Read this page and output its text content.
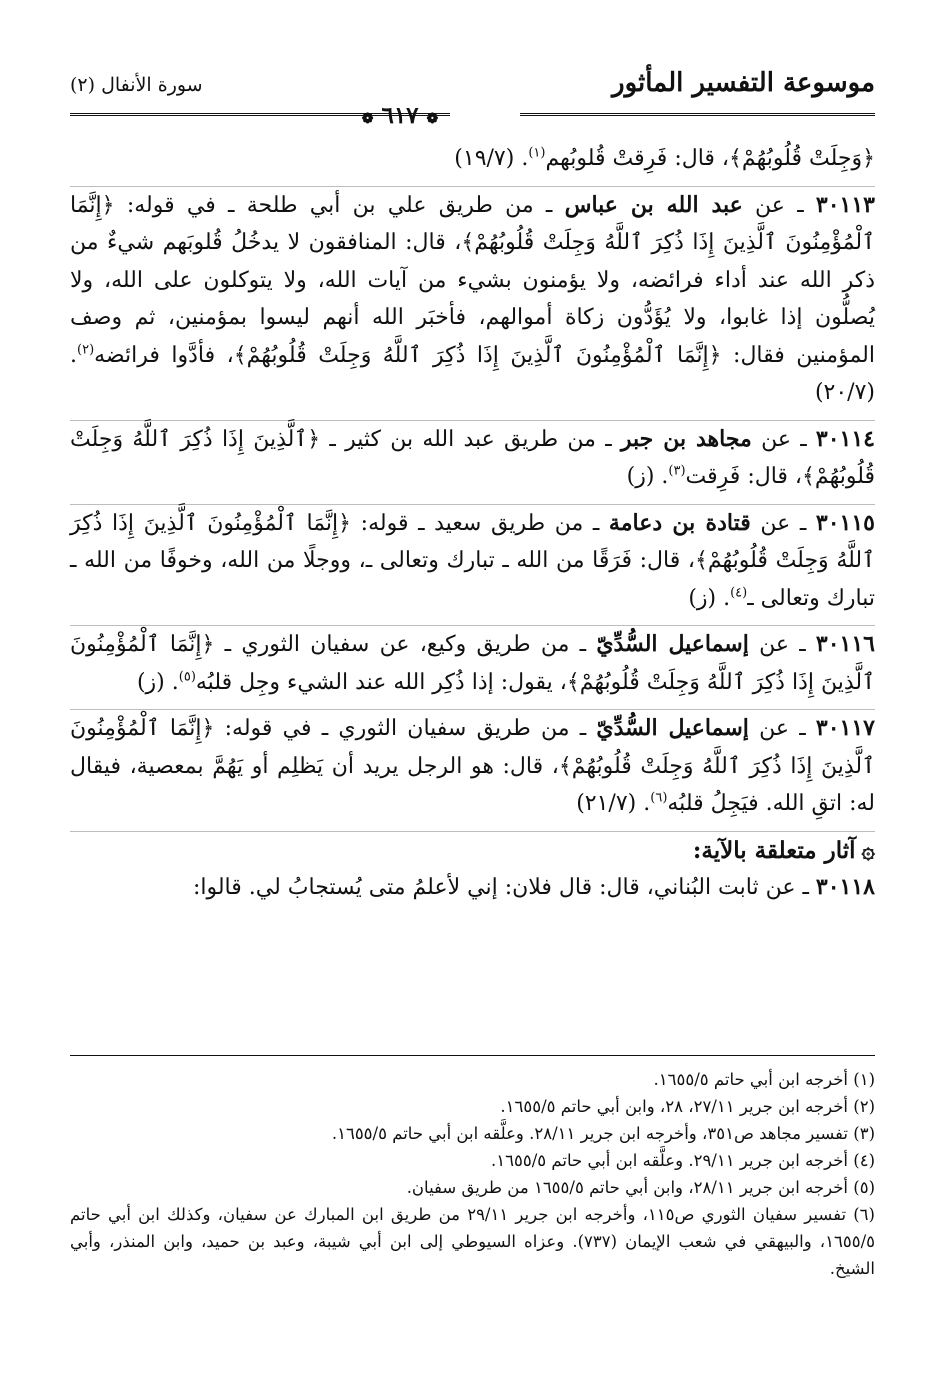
موسوعة التفسير المأثور
سورة الأنفال (٢)
❁ ٦١٧ ❁

﴿وَجِلَتْ قُلُوبُهُمْ﴾، قال: فَرِقتْ قُلوبُهم$^{(١)}$. (١٩/٧)

٣٠١١٣ ـ عن عبد الله بن عباس ـ من طريق علي بن أبي طلحة ـ في قوله: ﴿إِنَّمَا ٱلْمُؤْمِنُونَ ٱلَّذِينَ إِذَا ذُكِرَ ٱللَّهُ وَجِلَتْ قُلُوبُهُمْ﴾، قال: المنافقون لا يدخُلُ قُلوبَهم شيءٌ من ذكر الله عند أداء فرائضه، ولا يؤمنون بشيء من آيات الله، ولا يتوكلون على الله، ولا يُصلُّون إذا غابوا، ولا يُؤَدُّون زكاة أموالهم، فأخبَر الله أنهم ليسوا بمؤمنين، ثم وصف المؤمنين فقال: ﴿إِنَّمَا ٱلْمُؤْمِنُونَ ٱلَّذِينَ إِذَا ذُكِرَ ٱللَّهُ وَجِلَتْ قُلُوبُهُمْ﴾، فأدَّوا فرائضه$^{(٢)}$. (٢٠/٧)

٣٠١١٤ ـ عن مجاهد بن جبر ـ من طريق عبد الله بن كثير ـ ﴿ٱلَّذِينَ إِذَا ذُكِرَ ٱللَّهُ وَجِلَتْ قُلُوبُهُمْ﴾، قال: فَرِقت$^{(٣)}$. (ز)

٣٠١١٥ ـ عن قتادة بن دعامة ـ من طريق سعيد ـ قوله: ﴿إِنَّمَا ٱلْمُؤْمِنُونَ ٱلَّذِينَ إِذَا ذُكِرَ ٱللَّهُ وَجِلَتْ قُلُوبُهُمْ﴾، قال: فَرَقًا من الله ـ تبارك وتعالى ـ، ووجلًا من الله، وخوفًا من الله ـ تبارك وتعالى ـ$^{(٤)}$. (ز)

٣٠١١٦ ـ عن إسماعيل السُّدِّيّ ـ من طريق وكيع، عن سفيان الثوري ـ ﴿إِنَّمَا ٱلْمُؤْمِنُونَ ٱلَّذِينَ إِذَا ذُكِرَ ٱللَّهُ وَجِلَتْ قُلُوبُهُمْ﴾، يقول: إذا ذُكِر الله عند الشيء وجِل قلبُه$^{(٥)}$. (ز)

٣٠١١٧ ـ عن إسماعيل السُّدِّيّ ـ من طريق سفيان الثوري ـ في قوله: ﴿إِنَّمَا ٱلْمُؤْمِنُونَ ٱلَّذِينَ إِذَا ذُكِرَ ٱللَّهُ وَجِلَتْ قُلُوبُهُمْ﴾، قال: هو الرجل يريد أن يَظلِم أو يَهُمَّ بمعصية، فيقال له: اتقِ الله. فيَجِلُ قلبُه$^{(٦)}$. (٢١/٧)

۞آثار متعلقة بالآية:

٣٠١١٨ ـ عن ثابت البُناني، قال: قال فلان: إني لأعلمُ متى يُستجابُ لي. قالوا:

(١) أخرجه ابن أبي حاتم ١٦٥٥/٥.

(٢) أخرجه ابن جرير ٢٧/١١، ٢٨، وابن أبي حاتم ١٦٥٥/٥.

(٣) تفسير مجاهد ص٣٥١، وأخرجه ابن جرير ٢٨/١١. وعلَّقه ابن أبي حاتم ١٦٥٥/٥.

(٤) أخرجه ابن جرير ٢٩/١١. وعلَّقه ابن أبي حاتم ١٦٥٥/٥.

(٥) أخرجه ابن جرير ٢٨/١١، وابن أبي حاتم ١٦٥٥/٥ من طريق سفيان.

(٦) تفسير سفيان الثوري ص١١٥، وأخرجه ابن جرير ٢٩/١١ من طريق ابن المبارك عن سفيان، وكذلك ابن أبي حاتم ١٦٥٥/٥، والبيهقي في شعب الإيمان (٧٣٧). وعزاه السيوطي إلى ابن أبي شيبة، وعبد بن حميد، وابن المنذر، وأبي الشيخ.
